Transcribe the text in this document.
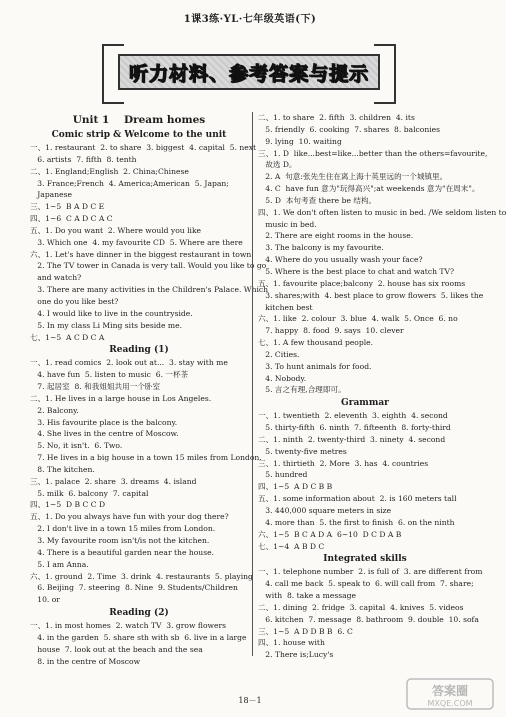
1课3练·YL·七年级英语(下)
听力材料、参考答案与提示
Unit 1    Dream homes
Comic strip & Welcome to the unit
一、1. restaurant  2. to share  3. biggest  4. capital  5. next
6. artists  7. fifth  8. tenth
二、1. England;English  2. China;Chinese
3. France;French  4. America;American  5. Japan;
Japanese
三、1~5  B A D C E
四、1~6  C A D C A C
五、1. Do you want  2. Where would you like
3. Which one  4. my favourite CD  5. Where are there
六、1. Let's have dinner in the biggest restaurant in town.
2. The TV tower in Canada is very tall. Would you like to go
and watch?
3. There are many activities in the Children's Palace. Which
one do you like best?
4. I would like to live in the countryside.
5. In my class Li Ming sits beside me.
七、1~5  A C D C A
Reading (1)
一、1. read comics  2. look out at...  3. stay with me
4. have fun  5. listen to music  6. 一杯茶
7. 起居室  8. 和我姐姐共用一个卧室
二、1. He lives in a large house in Los Angeles.
2. Balcony.
3. His favourite place is the balcony.
4. She lives in the centre of Moscow.
5. No, it isn't.  6. Two.
7. He lives in a big house in a town 15 miles from London.
8. The kitchen.
三、1. palace  2. share  3. dreams  4. island
5. milk  6. balcony  7. capital
四、1~5  D B C C D
五、1. Do you always have fun with your dog there?
2. I don't live in a town 15 miles from London.
3. My favourite room isn't/is not the kitchen.
4. There is a beautiful garden near the house.
5. I am Anna.
六、1. ground  2. Time  3. drink  4. restaurants  5. playing
6. Beijing  7. steering  8. Nine  9. Students/Children
10. or
Reading (2)
一、1. in most homes  2. watch TV  3. grow flowers
4. in the garden  5. share sth with sb  6. live in a large
house  7. look out at the beach and the sea
8. in the centre of Moscow
二、1. to share  2. fifth  3. children  4. its
5. friendly  6. cooking  7. shares  8. balconies
9. lying  10. waiting
三、1. D  like...best=like...better than the others=favourite,
故选 D。
2. A  句意:张先生住在离上海十英里远的一个城镇里。
4. C  have fun 意为"玩得高兴";at weekends 意为"在周末"。
5. D  本句考查 there be 结构。
四、1. We don't often listen to music in bed. /We seldom listen to
music in bed.
2. There are eight rooms in the house.
3. The balcony is my favourite.
4. Where do you usually wash your face?
5. Where is the best place to chat and watch TV?
五、1. favourite place;balcony  2. house has six rooms
3. shares;with  4. best place to grow flowers  5. likes the
kitchen best
六、1. like  2. colour  3. blue  4. walk  5. Once  6. no
7. happy  8. food  9. says  10. clever
七、1. A few thousand people.
2. Cities.
3. To hunt animals for food.
4. Nobody.
5. 言之有理,合理即可。
Grammar
一、1. twentieth  2. eleventh  3. eighth  4. second
5. thirty-fifth  6. ninth  7. fifteenth  8. forty-third
二、1. ninth  2. twenty-third  3. ninety  4. second
5. twenty-five metres
三、1. thirtieth  2. More  3. has  4. countries
5. hundred
四、1~5  A D C B B
五、1. some information about  2. is 160 meters tall
3. 440,000 square meters in size
4. more than  5. the first to finish  6. on the ninth
六、1~5  B C A D A  6~10  D C D A B
七、1~4  A B D C
Integrated skills
一、1. telephone number  2. is full of  3. are different from
4. call me back  5. speak to  6. will call from  7. share;
with  8. take a message
二、1. dining  2. fridge  3. capital  4. knives  5. videos
6. kitchen  7. message  8. bathroom  9. double  10. sofa
三、1~5  A D D B B  6. C
四、1. house with
2. There is;Lucy's
18－1
答案圈
MXQE.COM
